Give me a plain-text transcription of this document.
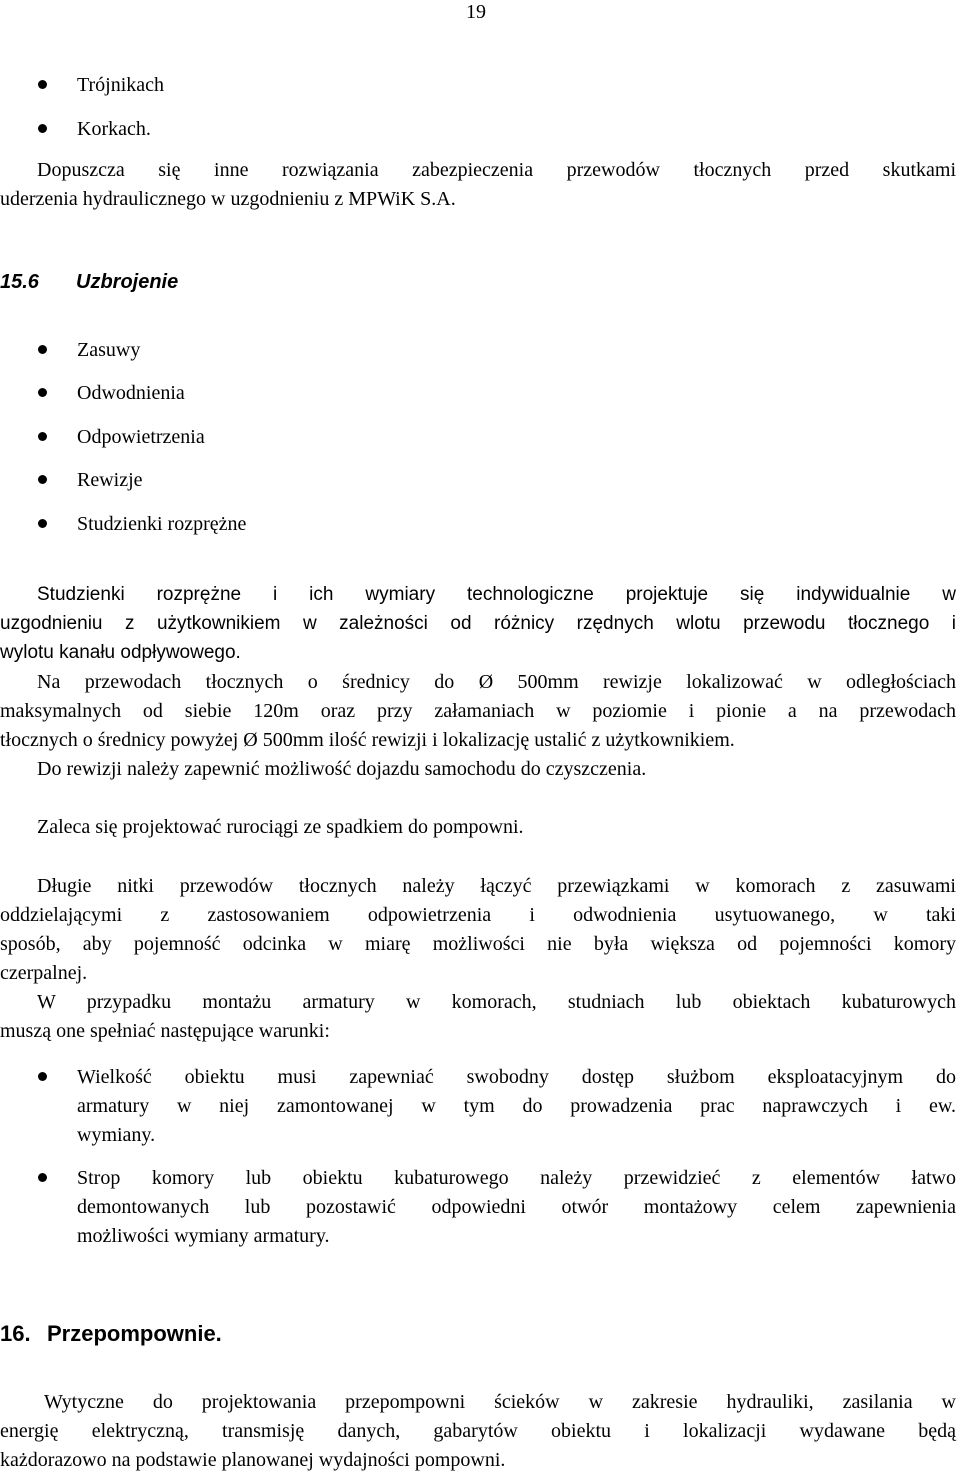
19
Trójnikach
Korkach.
Dopuszcza się inne rozwiązania zabezpieczenia przewodów tłocznych przed skutkami
uderzenia hydraulicznego w uzgodnieniu z MPWiK S.A.
15.6 Uzbrojenie
Zasuwy
Odwodnienia
Odpowietrzenia
Rewizje
Studzienki rozprężne
Studzienki rozprężne i ich wymiary technologiczne projektuje się indywidualnie w
uzgodnieniu z użytkownikiem w zależności od różnicy rzędnych wlotu przewodu tłocznego i
wylotu kanału odpływowego.
Na przewodach tłocznych o średnicy do Ø 500mm rewizje lokalizować w odległościach
maksymalnych od siebie 120m oraz przy załamaniach w poziomie i pionie a na przewodach
tłocznych o średnicy powyżej Ø 500mm ilość rewizji i lokalizację ustalić z użytkownikiem.
Do rewizji należy zapewnić możliwość dojazdu samochodu do czyszczenia.
Zaleca się projektować rurociągi ze spadkiem do pompowni.
Długie nitki przewodów tłocznych należy łączyć przewiązkami w komorach z zasuwami
oddzielającymi z zastosowaniem odpowietrzenia i odwodnienia usytuowanego, w taki
sposób, aby pojemność odcinka w miarę możliwości nie była większa od pojemności komory
czerpalnej.
W przypadku montażu armatury w komorach, studniach lub obiektach kubaturowych
muszą one spełniać następujące warunki:
Wielkość obiektu musi zapewniać swobodny dostęp służbom eksploatacyjnym do
armatury w niej zamontowanej w tym do prowadzenia prac naprawczych i ew.
wymiany.
Strop komory lub obiektu kubaturowego należy przewidzieć z elementów łatwo
demontowanych lub pozostawić odpowiedni otwór montażowy celem zapewnienia
możliwości wymiany armatury.
16. Przepompownie.
Wytyczne do projektowania przepompowni ścieków w zakresie hydrauliki, zasilania w
energię elektryczną, transmisję danych, gabarytów obiektu i lokalizacji wydawane będą
każdorazowo na podstawie planowanej wydajności pompowni.
